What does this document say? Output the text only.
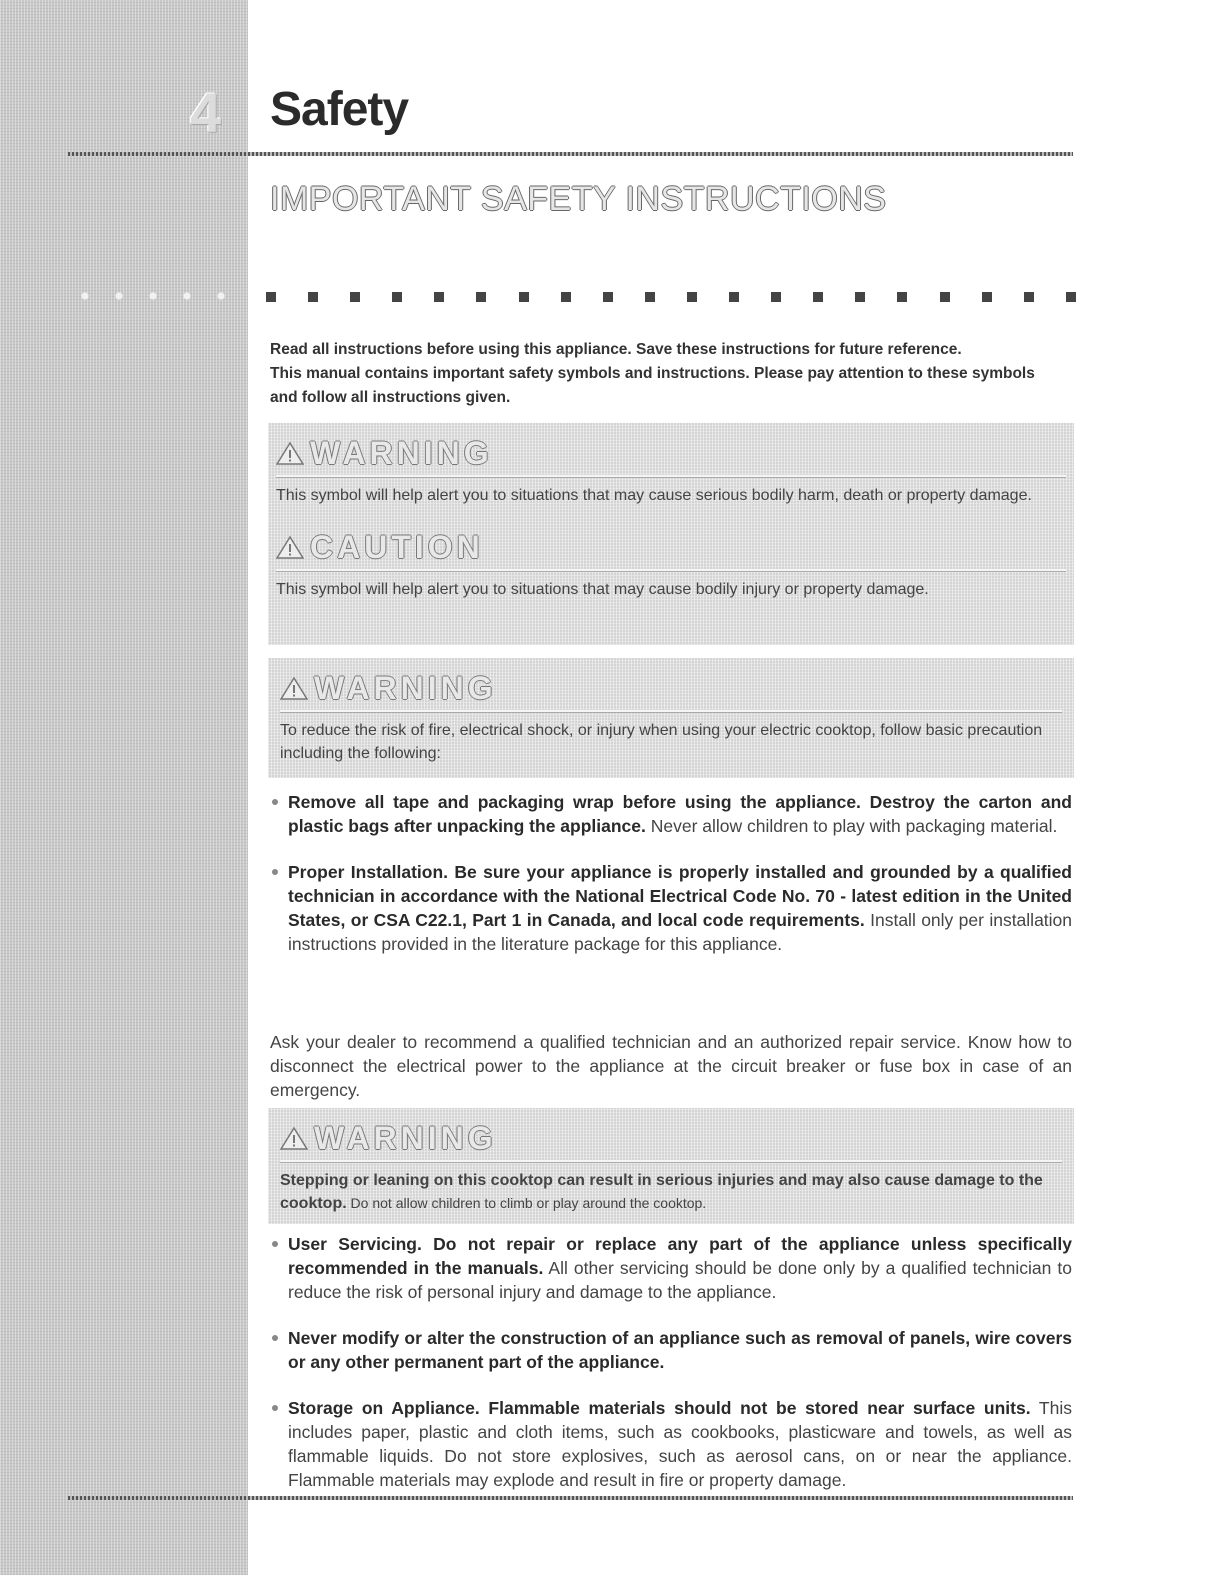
4 Safety
IMPORTANT SAFETY INSTRUCTIONS

Read all instructions before using this appliance. Save these instructions for future reference.

This manual contains important safety symbols and instructions. Please pay attention to these symbols and follow all instructions given.

WARNING
This symbol will help alert you to situations that may cause serious bodily harm, death or property damage.
CAUTION
This symbol will help alert you to situations that may cause bodily injury or property damage.
WARNING
To reduce the risk of fire, electrical shock, or injury when using your electric cooktop, follow basic precaution including the following:
Remove all tape and packaging wrap before using the appliance. Destroy the carton and plastic bags after unpacking the appliance. Never allow children to play with packaging material.
Proper Installation. Be sure your appliance is properly installed and grounded by a qualified technician in accordance with the National Electrical Code No. 70 - latest edition in the United States, or CSA C22.1, Part 1 in Canada, and local code requirements. Install only per installation instructions provided in the literature package for this appliance.

Ask your dealer to recommend a qualified technician and an authorized repair service. Know how to disconnect the electrical power to the appliance at the circuit breaker or fuse box in case of an emergency.

WARNING
Stepping or leaning on this cooktop can result in serious injuries and may also cause damage to the cooktop. Do not allow children to climb or play around the cooktop.
User Servicing. Do not repair or replace any part of the appliance unless specifically recommended in the manuals. All other servicing should be done only by a qualified technician to reduce the risk of personal injury and damage to the appliance.
Never modify or alter the construction of an appliance such as removal of panels, wire covers or any other permanent part of the appliance.
Storage on Appliance. Flammable materials should not be stored near surface units. This includes paper, plastic and cloth items, such as cookbooks, plasticware and towels, as well as flammable liquids. Do not store explosives, such as aerosol cans, on or near the appliance. Flammable materials may explode and result in fire or property damage.
